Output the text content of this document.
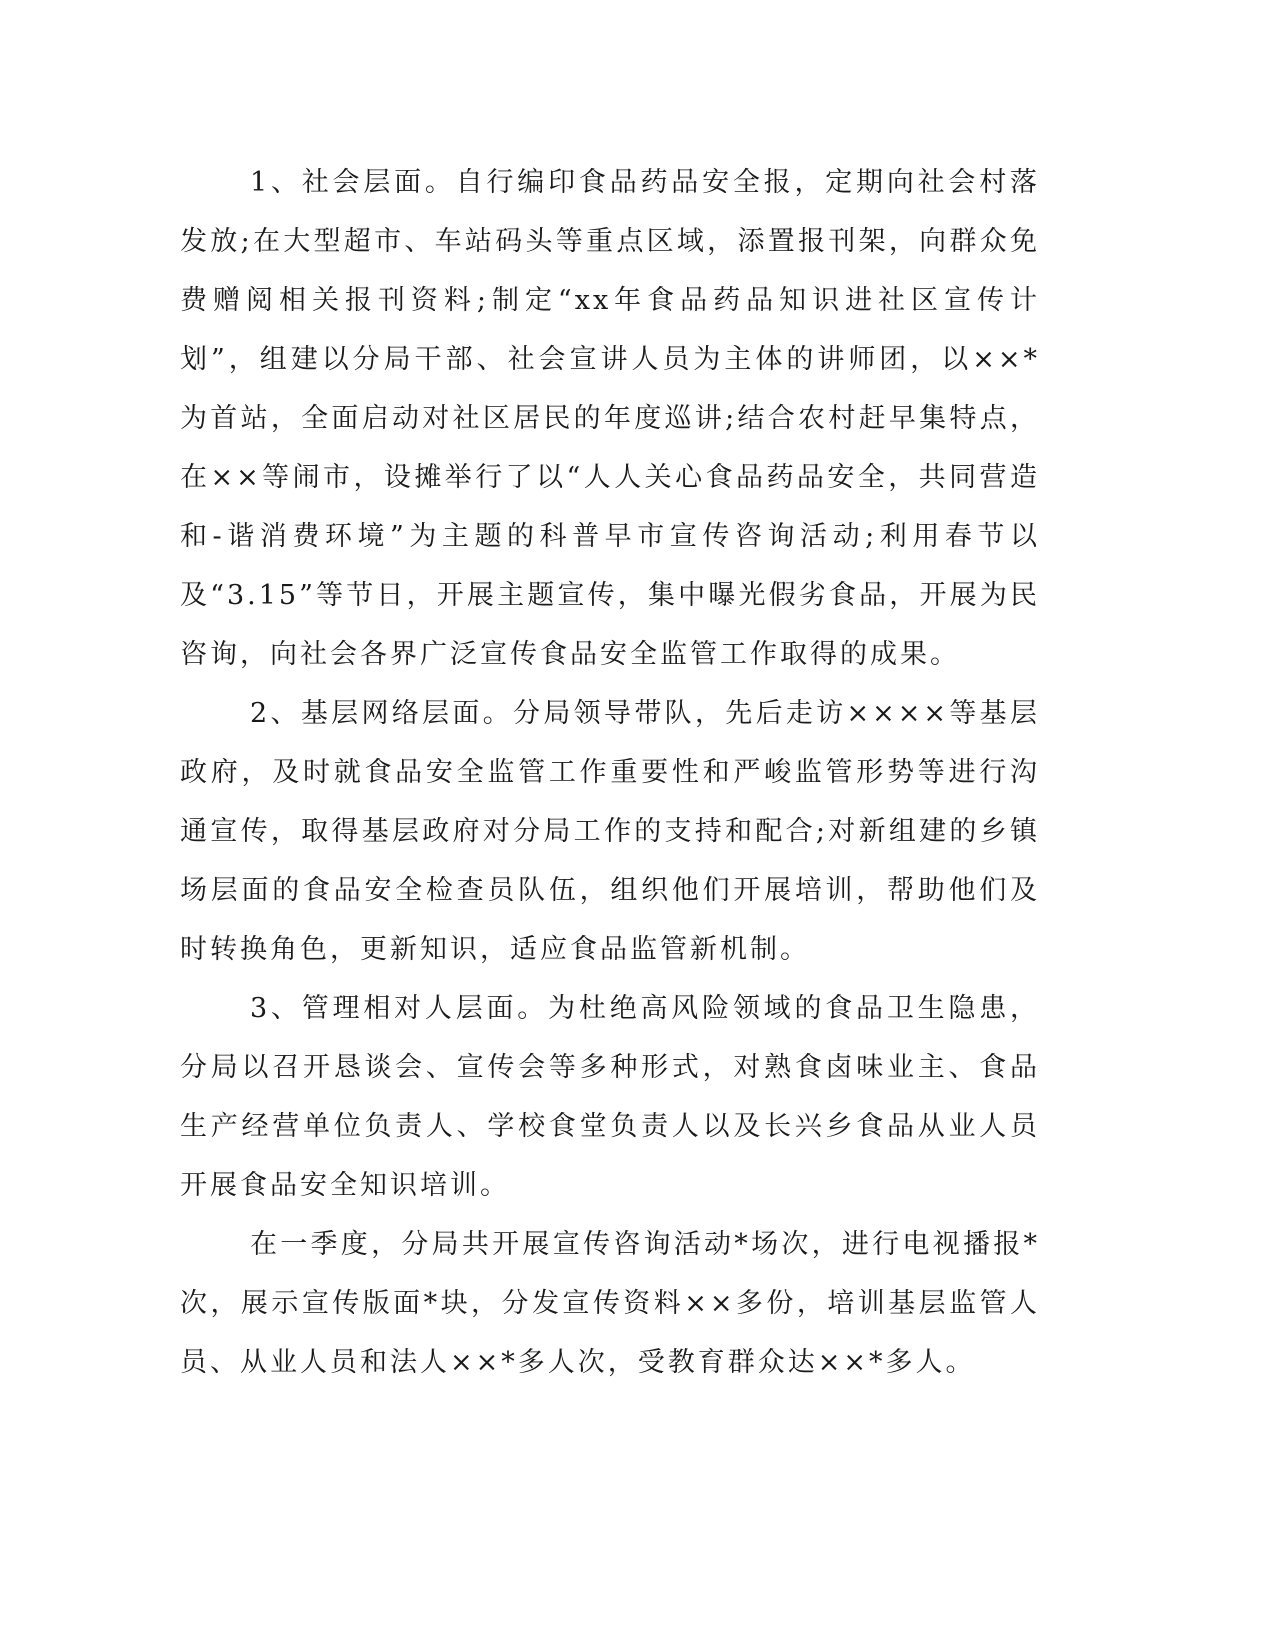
1、社会层面。自行编印食品药品安全报，定期向社会村落发放;在大型超市、车站码头等重点区域，添置报刊架，向群众免费赠阅相关报刊资料;制定“xx年食品药品知识进社区宣传计划”，组建以分局干部、社会宣讲人员为主体的讲师团，以××*为首站，全面启动对社区居民的年度巡讲;结合农村赶早集特点，在××等闹市，设摊举行了以“人人关心食品药品安全，共同营造和-谐消费环境”为主题的科普早市宣传咨询活动;利用春节以及“3.15”等节日，开展主题宣传，集中曝光假劣食品，开展为民咨询，向社会各界广泛宣传食品安全监管工作取得的成果。

2、基层网络层面。分局领导带队，先后走访××××等基层政府，及时就食品安全监管工作重要性和严峻监管形势等进行沟通宣传，取得基层政府对分局工作的支持和配合;对新组建的乡镇场层面的食品安全检查员队伍，组织他们开展培训，帮助他们及时转换角色，更新知识，适应食品监管新机制。

3、管理相对人层面。为杜绝高风险领域的食品卫生隐患，分局以召开恳谈会、宣传会等多种形式，对熟食卤味业主、食品生产经营单位负责人、学校食堂负责人以及长兴乡食品从业人员开展食品安全知识培训。

在一季度，分局共开展宣传咨询活动*场次，进行电视播报*次，展示宣传版面*块，分发宣传资料××多份，培训基层监管人员、从业人员和法人××*多人次，受教育群众达××*多人。
